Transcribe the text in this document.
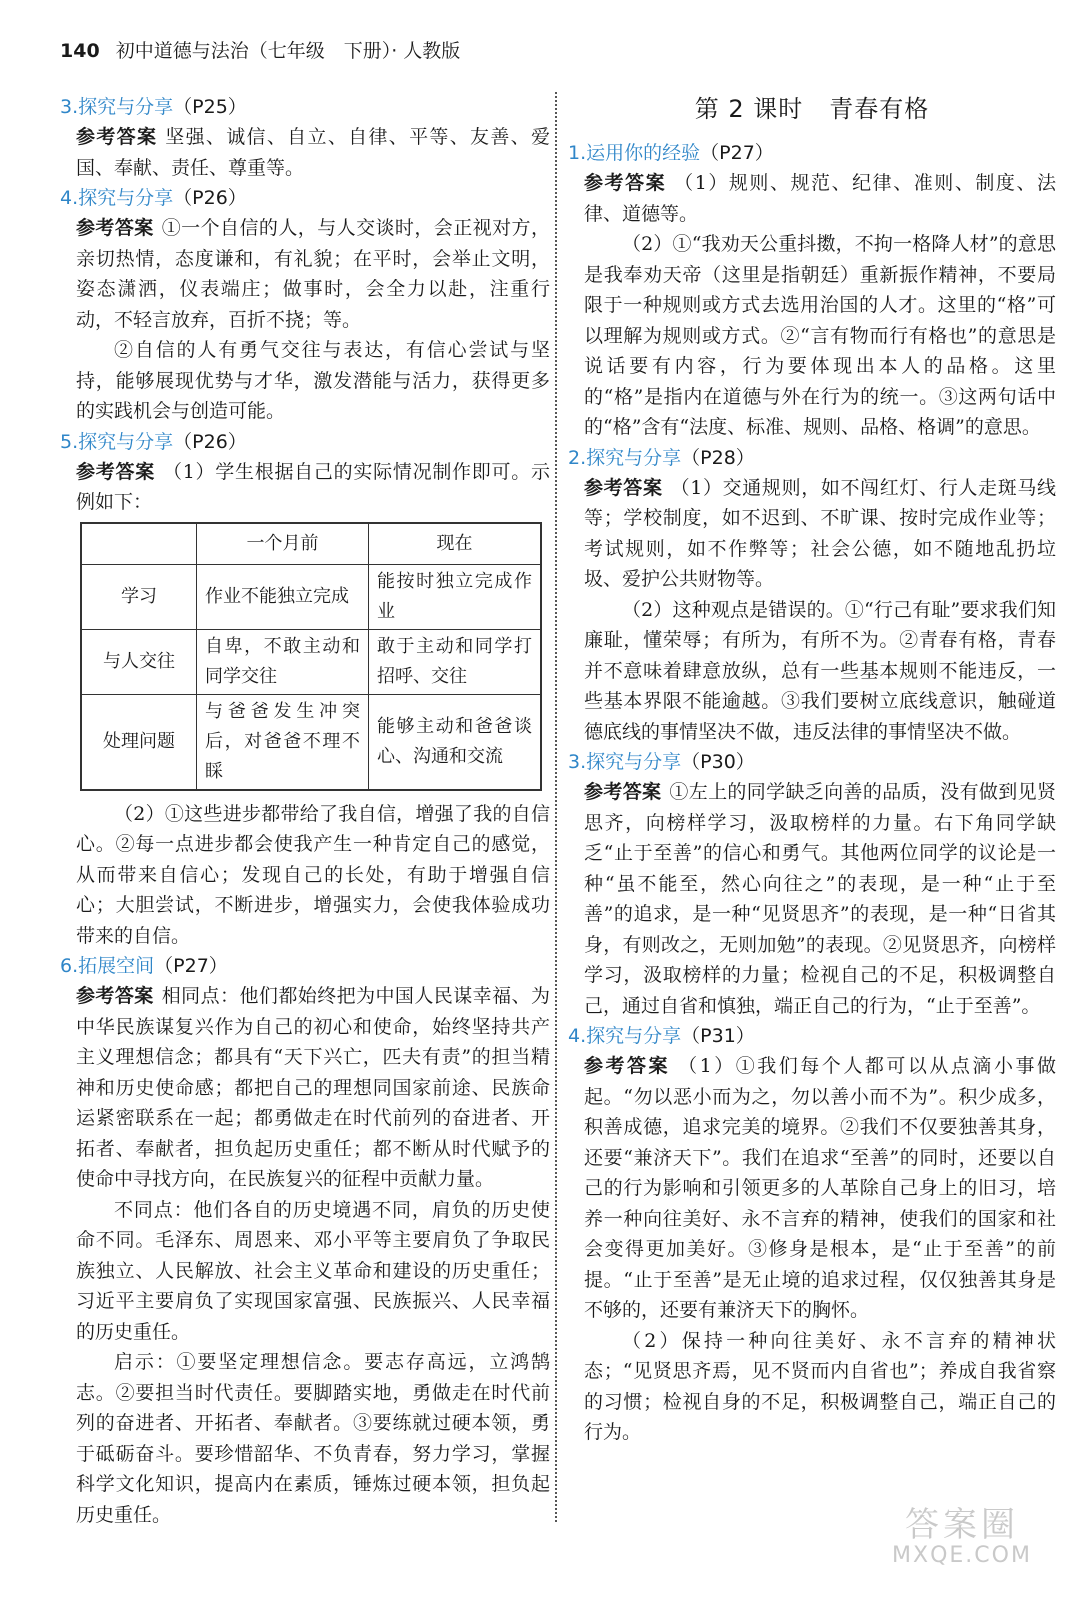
140 初中道德与法治（七年级　下册）· 人教版
3.探究与分享（P25）
参考答案 坚强、诚信、自立、自律、平等、友善、爱国、奉献、责任、尊重等。
4.探究与分享（P26）
参考答案 ①一个自信的人，与人交谈时，会正视对方，亲切热情，态度谦和，有礼貌；在平时，会举止文明，姿态潇洒，仪表端庄；做事时，会全力以赴，注重行动，不轻言放弃，百折不挠；等。
②自信的人有勇气交往与表达，有信心尝试与坚持，能够展现优势与才华，激发潜能与活力，获得更多的实践机会与创造可能。
5.探究与分享（P26）
参考答案 （1）学生根据自己的实际情况制作即可。示例如下：
	一个月前	现在
学习	作业不能独立完成	能按时独立完成作业
与人交往	自卑，不敢主动和同学交往	敢于主动和同学打招呼、交往
处理问题	与爸爸发生冲突后，对爸爸不理不睬	能够主动和爸爸谈心、沟通和交流
（2）①这些进步都带给了我自信，增强了我的自信心。②每一点进步都会使我产生一种肯定自己的感觉，从而带来自信心；发现自己的长处，有助于增强自信心；大胆尝试，不断进步，增强实力，会使我体验成功带来的自信。
6.拓展空间（P27）
参考答案 相同点：他们都始终把为中国人民谋幸福、为中华民族谋复兴作为自己的初心和使命，始终坚持共产主义理想信念；都具有“天下兴亡，匹夫有责”的担当精神和历史使命感；都把自己的理想同国家前途、民族命运紧密联系在一起；都勇做走在时代前列的奋进者、开拓者、奉献者，担负起历史重任；都不断从时代赋予的使命中寻找方向，在民族复兴的征程中贡献力量。
不同点：他们各自的历史境遇不同，肩负的历史使命不同。毛泽东、周恩来、邓小平等主要肩负了争取民族独立、人民解放、社会主义革命和建设的历史重任；习近平主要肩负了实现国家富强、民族振兴、人民幸福的历史重任。
启示：①要坚定理想信念。要志存高远，立鸿鹄志。②要担当时代责任。要脚踏实地，勇做走在时代前列的奋进者、开拓者、奉献者。③要练就过硬本领，勇于砥砺奋斗。要珍惜韶华、不负青春，努力学习，掌握科学文化知识，提高内在素质，锤炼过硬本领，担负起历史重任。
第 2 课时 青春有格
1.运用你的经验（P27）
参考答案 （1）规则、规范、纪律、准则、制度、法律、道德等。
（2）①“我劝天公重抖擞，不拘一格降人材”的意思是我奉劝天帝（这里是指朝廷）重新振作精神，不要局限于一种规则或方式去选用治国的人才。这里的“格”可以理解为规则或方式。②“言有物而行有格也”的意思是说话要有内容，行为要体现出本人的品格。这里的“格”是指内在道德与外在行为的统一。③这两句话中的“格”含有“法度、标准、规则、品格、格调”的意思。
2.探究与分享（P28）
参考答案 （1）交通规则，如不闯红灯、行人走斑马线等；学校制度，如不迟到、不旷课、按时完成作业等；考试规则，如不作弊等；社会公德，如不随地乱扔垃圾、爱护公共财物等。
（2）这种观点是错误的。①“行己有耻”要求我们知廉耻，懂荣辱；有所为，有所不为。②青春有格，青春并不意味着肆意放纵，总有一些基本规则不能违反，一些基本界限不能逾越。③我们要树立底线意识，触碰道德底线的事情坚决不做，违反法律的事情坚决不做。
3.探究与分享（P30）
参考答案 ①左上的同学缺乏向善的品质，没有做到见贤思齐，向榜样学习，汲取榜样的力量。右下角同学缺乏“止于至善”的信心和勇气。其他两位同学的议论是一种“虽不能至，然心向往之”的表现，是一种“止于至善”的追求，是一种“见贤思齐”的表现，是一种“日省其身，有则改之，无则加勉”的表现。②见贤思齐，向榜样学习，汲取榜样的力量；检视自己的不足，积极调整自己，通过自省和慎独，端正自己的行为，“止于至善”。
4.探究与分享（P31）
参考答案 （1）①我们每个人都可以从点滴小事做起。“勿以恶小而为之，勿以善小而不为”。积少成多，积善成德，追求完美的境界。②我们不仅要独善其身，还要“兼济天下”。我们在追求“至善”的同时，还要以自己的行为影响和引领更多的人革除自己身上的旧习，培养一种向往美好、永不言弃的精神，使我们的国家和社会变得更加美好。③修身是根本，是“止于至善”的前提。“止于至善”是无止境的追求过程，仅仅独善其身是不够的，还要有兼济天下的胸怀。
（2）保持一种向往美好、永不言弃的精神状态；“见贤思齐焉，见不贤而内自省也”；养成自我省察的习惯；检视自身的不足，积极调整自己，端正自己的行为。
答案圈
MXQE.COM
